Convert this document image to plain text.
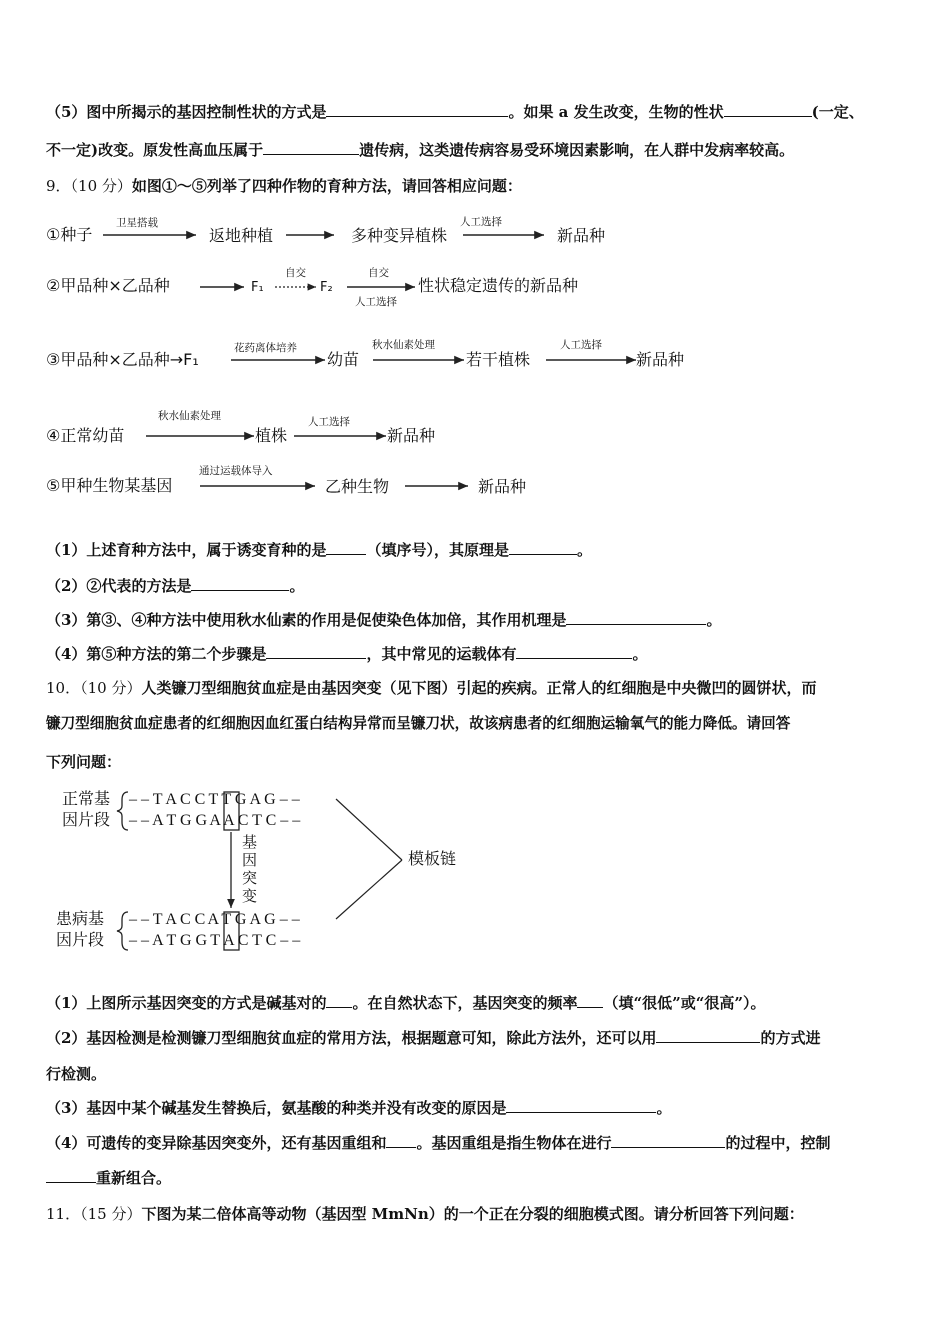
（5）图中所揭示的基因控制性状的方式是	。如果 a 发生改变，生物的性状	(一定、
不一定)改变。原发性高血压属于	遗传病，这类遗传病容易受环境因素影响，在人群中发病率较高。
9．（10 分）如图①～⑤列举了四种作物的育种方法，请回答相应问题：
①种子
卫星搭载
返地种植	多种变异植株
人工选择
新品种
②甲品种×乙品种	F₁
自交
F₂
自交
人工选择
性状稳定遗传的新品种
③甲品种×乙品种→F₁
花药离体培养
幼苗
秋水仙素处理
若干植株
人工选择
新品种
④正常幼苗
秋水仙素处理
植株
人工选择
新品种
⑤甲种生物某基因
通过运载体导入
乙种生物	新品种
（1）上述育种方法中，属于诱变育种的是	（填序号），其原理是	。
（2）②代表的方法是	。
（3）第③、④种方法中使用秋水仙素的作用是促使染色体加倍，其作用机理是	。
（4）第⑤种方法的第二个步骤是	，其中常见的运载体有	。
10．（10 分）人类镰刀型细胞贫血症是由基因突变（见下图）引起的疾病。正常人的红细胞是中央微凹的圆饼状，而
镰刀型细胞贫血症患者的红细胞因血红蛋白结构异常而呈镰刀状，故该病患者的红细胞运输氧气的能力降低。请回答
下列问题：
正常基
因片段
– – T A C C T T G A G – –
– – A T G G A A C T C – –
基
因
突
变
模板链
患病基
因片段
– – T A C C A T G A G – –
– – A T G G T A C T C – –
（1）上图所示基因突变的方式是碱基对的 。在自然状态下，基因突变的频率 （填“很低”或“很高”）。
（2）基因检测是检测镰刀型细胞贫血症的常用方法，根据题意可知，除此方法外，还可以用	的方式进
行检测。
（3）基因中某个碱基发生替换后，氨基酸的种类并没有改变的原因是	。
（4）可遗传的变异除基因突变外，还有基因重组和 。基因重组是指生物体在进行	的过程中，控制
重新组合。
11．（15 分）下图为某二倍体高等动物（基因型 MmNn）的一个正在分裂的细胞模式图。请分析回答下列问题：
